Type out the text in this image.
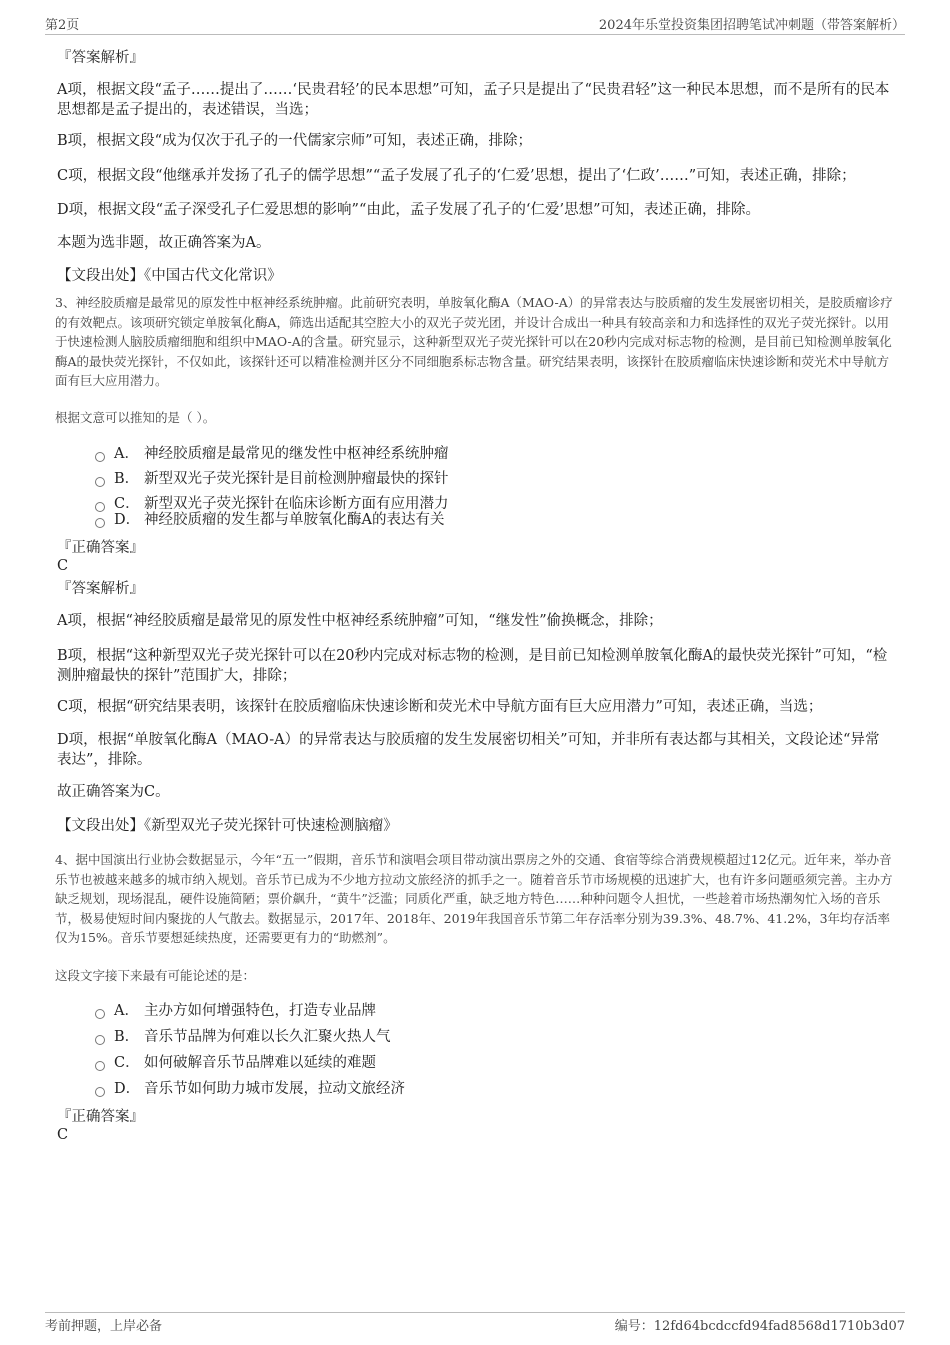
第2页	2024年乐堂投资集团招聘笔试冲刺题（带答案解析）
『答案解析』
A项，根据文段“孟子……提出了……‘民贵君轻’的民本思想”可知，孟子只是提出了“民贵君轻”这一种民本思想，而不是所有的民本思想都是孟子提出的，表述错误，当选；
B项，根据文段“成为仅次于孔子的一代儒家宗师”可知，表述正确，排除；
C项，根据文段“他继承并发扬了孔子的儒学思想”“孟子发展了孔子的‘仁爱’思想，提出了‘仁政’……”可知，表述正确，排除；
D项，根据文段“孟子深受孔子仁爱思想的影响”“由此，孟子发展了孔子的‘仁爱’思想”可知，表述正确，排除。
本题为选非题，故正确答案为A。
【文段出处】《中国古代文化常识》
3、神经胶质瘤是最常见的原发性中枢神经系统肿瘤。此前研究表明，单胺氧化酶A（MAO-A）的异常表达与胶质瘤的发生发展密切相关，是胶质瘤诊疗的有效靶点。该项研究锁定单胺氧化酶A，筛选出适配其空腔大小的双光子荧光团，并设计合成出一种具有较高亲和力和选择性的双光子荧光探针。以用于快速检测人脑胶质瘤细胞和组织中MAO-A的含量。研究显示，这种新型双光子荧光探针可以在20秒内完成对标志物的检测，是目前已知检测单胺氧化酶A的最快荧光探针，不仅如此，该探针还可以精准检测并区分不同细胞系标志物含量。研究结果表明，该探针在胶质瘤临床快速诊断和荧光术中导航方面有巨大应用潜力。
根据文意可以推知的是（ ）。
A． 神经胶质瘤是最常见的继发性中枢神经系统肿瘤
B． 新型双光子荧光探针是目前检测肿瘤最快的探针
C． 新型双光子荧光探针在临床诊断方面有应用潜力
D． 神经胶质瘤的发生都与单胺氧化酶A的表达有关
『正确答案』
C
『答案解析』
A项，根据“神经胶质瘤是最常见的原发性中枢神经系统肿瘤”可知，“继发性”偷换概念，排除；
B项，根据“这种新型双光子荧光探针可以在20秒内完成对标志物的检测，是目前已知检测单胺氧化酶A的最快荧光探针”可知，“检测肿瘤最快的探针”范围扩大，排除；
C项，根据“研究结果表明，该探针在胶质瘤临床快速诊断和荧光术中导航方面有巨大应用潜力”可知，表述正确，当选；
D项，根据“单胺氧化酶A（MAO-A）的异常表达与胶质瘤的发生发展密切相关”可知，并非所有表达都与其相关，文段论述“异常表达”，排除。
故正确答案为C。
【文段出处】《新型双光子荧光探针可快速检测脑瘤》
4、据中国演出行业协会数据显示，今年“五一”假期，音乐节和演唱会项目带动演出票房之外的交通、食宿等综合消费规模超过12亿元。近年来，举办音乐节也被越来越多的城市纳入规划。音乐节已成为不少地方拉动文旅经济的抓手之一。随着音乐节市场规模的迅速扩大，也有许多问题亟须完善。主办方缺乏规划，现场混乱，硬件设施简陋；票价飙升，“黄牛”泛滥；同质化严重，缺乏地方特色……种种问题令人担忧，一些趁着市场热潮匆忙入场的音乐节，极易使短时间内聚拢的人气散去。数据显示，2017年、2018年、2019年我国音乐节第二年存活率分别为39.3%、48.7%、41.2%，3年均存活率仅为15%。音乐节要想延续热度，还需要更有力的“助燃剂”。
这段文字接下来最有可能论述的是：
A． 主办方如何增强特色，打造专业品牌
B． 音乐节品牌为何难以长久汇聚火热人气
C． 如何破解音乐节品牌难以延续的难题
D． 音乐节如何助力城市发展，拉动文旅经济
『正确答案』
C
考前押题，上岸必备	编号：12fd64bcdccfd94fad8568d1710b3d07
